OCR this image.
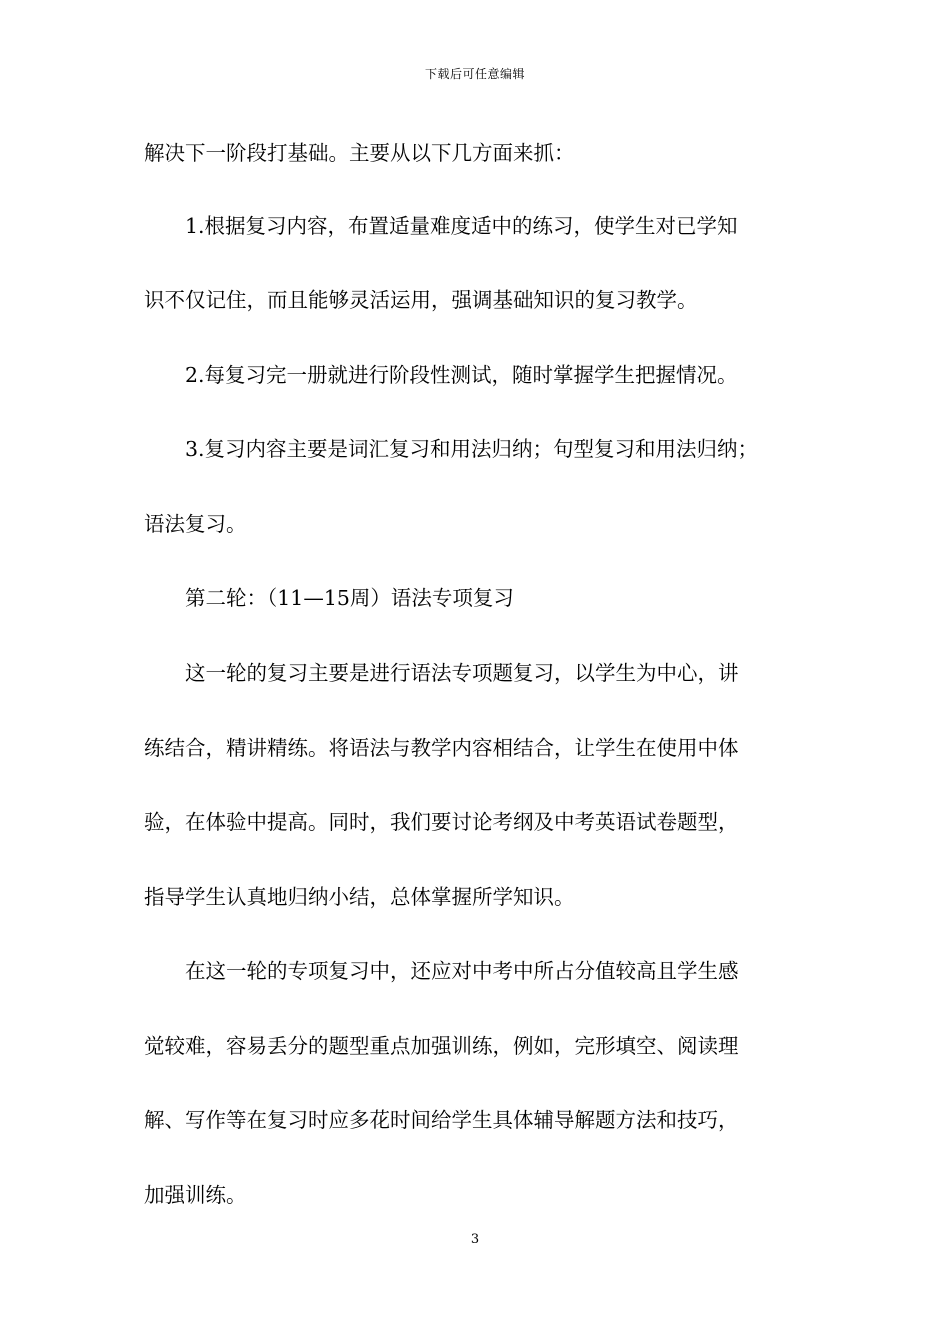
下载后可任意编辑
解决下一阶段打基础。主要从以下几方面来抓：
　　1.根据复习内容，布置适量难度适中的练习，使学生对已学知
识不仅记住，而且能够灵活运用，强调基础知识的复习教学。
　　2.每复习完一册就进行阶段性测试，随时掌握学生把握情况。
　　3.复习内容主要是词汇复习和用法归纳；句型复习和用法归纳；
语法复习。
　　第二轮：（11—15周）语法专项复习
　　这一轮的复习主要是进行语法专项题复习，以学生为中心，讲
练结合，精讲精练。将语法与教学内容相结合，让学生在使用中体
验，在体验中提高。同时，我们要讨论考纲及中考英语试卷题型，
指导学生认真地归纳小结，总体掌握所学知识。
　　在这一轮的专项复习中，还应对中考中所占分值较高且学生感
觉较难，容易丢分的题型重点加强训练，例如，完形填空、阅读理
解、写作等在复习时应多花时间给学生具体辅导解题方法和技巧，
加强训练。
3
